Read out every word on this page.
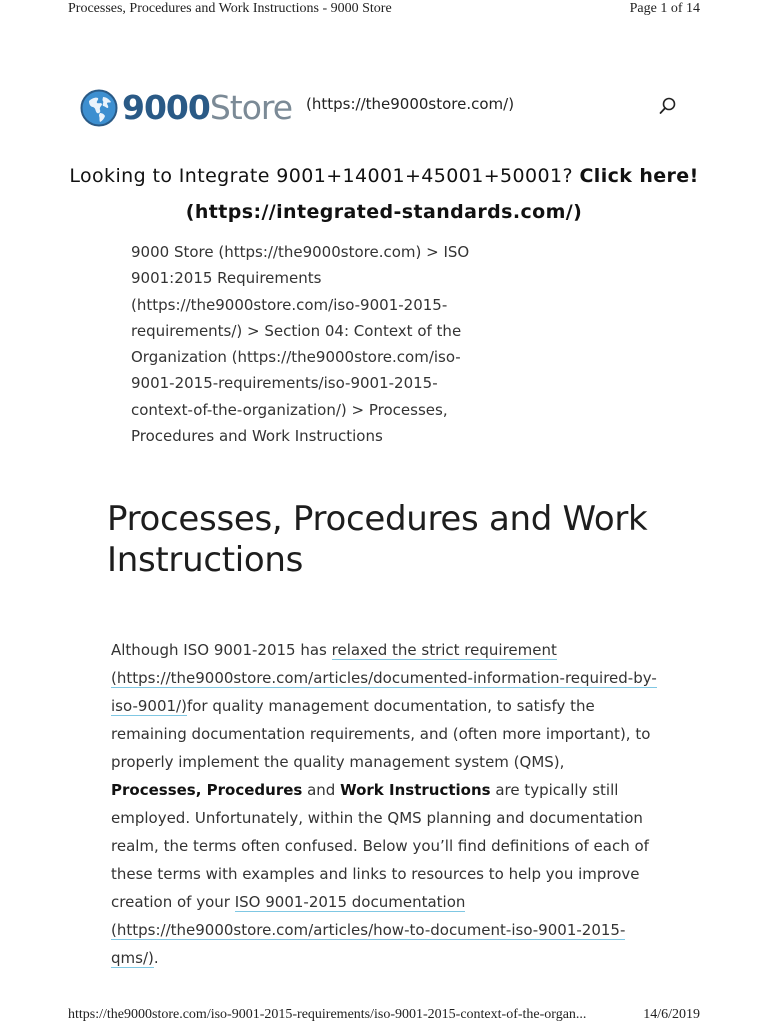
Processes, Procedures and Work Instructions - 9000 Store	Page 1 of 14
9000Store (https://the9000store.com/)
Looking to Integrate 9001+14001+45001+50001? Click here!
(https://integrated-standards.com/)
9000 Store (https://the9000store.com) > ISO 9001:2015 Requirements (https://the9000store.com/iso-9001-2015-requirements/) > Section 04: Context of the Organization (https://the9000store.com/iso-9001-2015-requirements/iso-9001-2015-context-of-the-organization/) > Processes, Procedures and Work Instructions
Processes, Procedures and Work Instructions
Although ISO 9001-2015 has relaxed the strict requirement (https://the9000store.com/articles/documented-information-required-by-iso-9001/)for quality management documentation, to satisfy the remaining documentation requirements, and (often more important), to properly implement the quality management system (QMS), Processes, Procedures and Work Instructions are typically still employed. Unfortunately, within the QMS planning and documentation realm, the terms often confused. Below you’ll find definitions of each of these terms with examples and links to resources to help you improve creation of your ISO 9001-2015 documentation (https://the9000store.com/articles/how-to-document-iso-9001-2015-qms/).
https://the9000store.com/iso-9001-2015-requirements/iso-9001-2015-context-of-the-organ...	14/6/2019
